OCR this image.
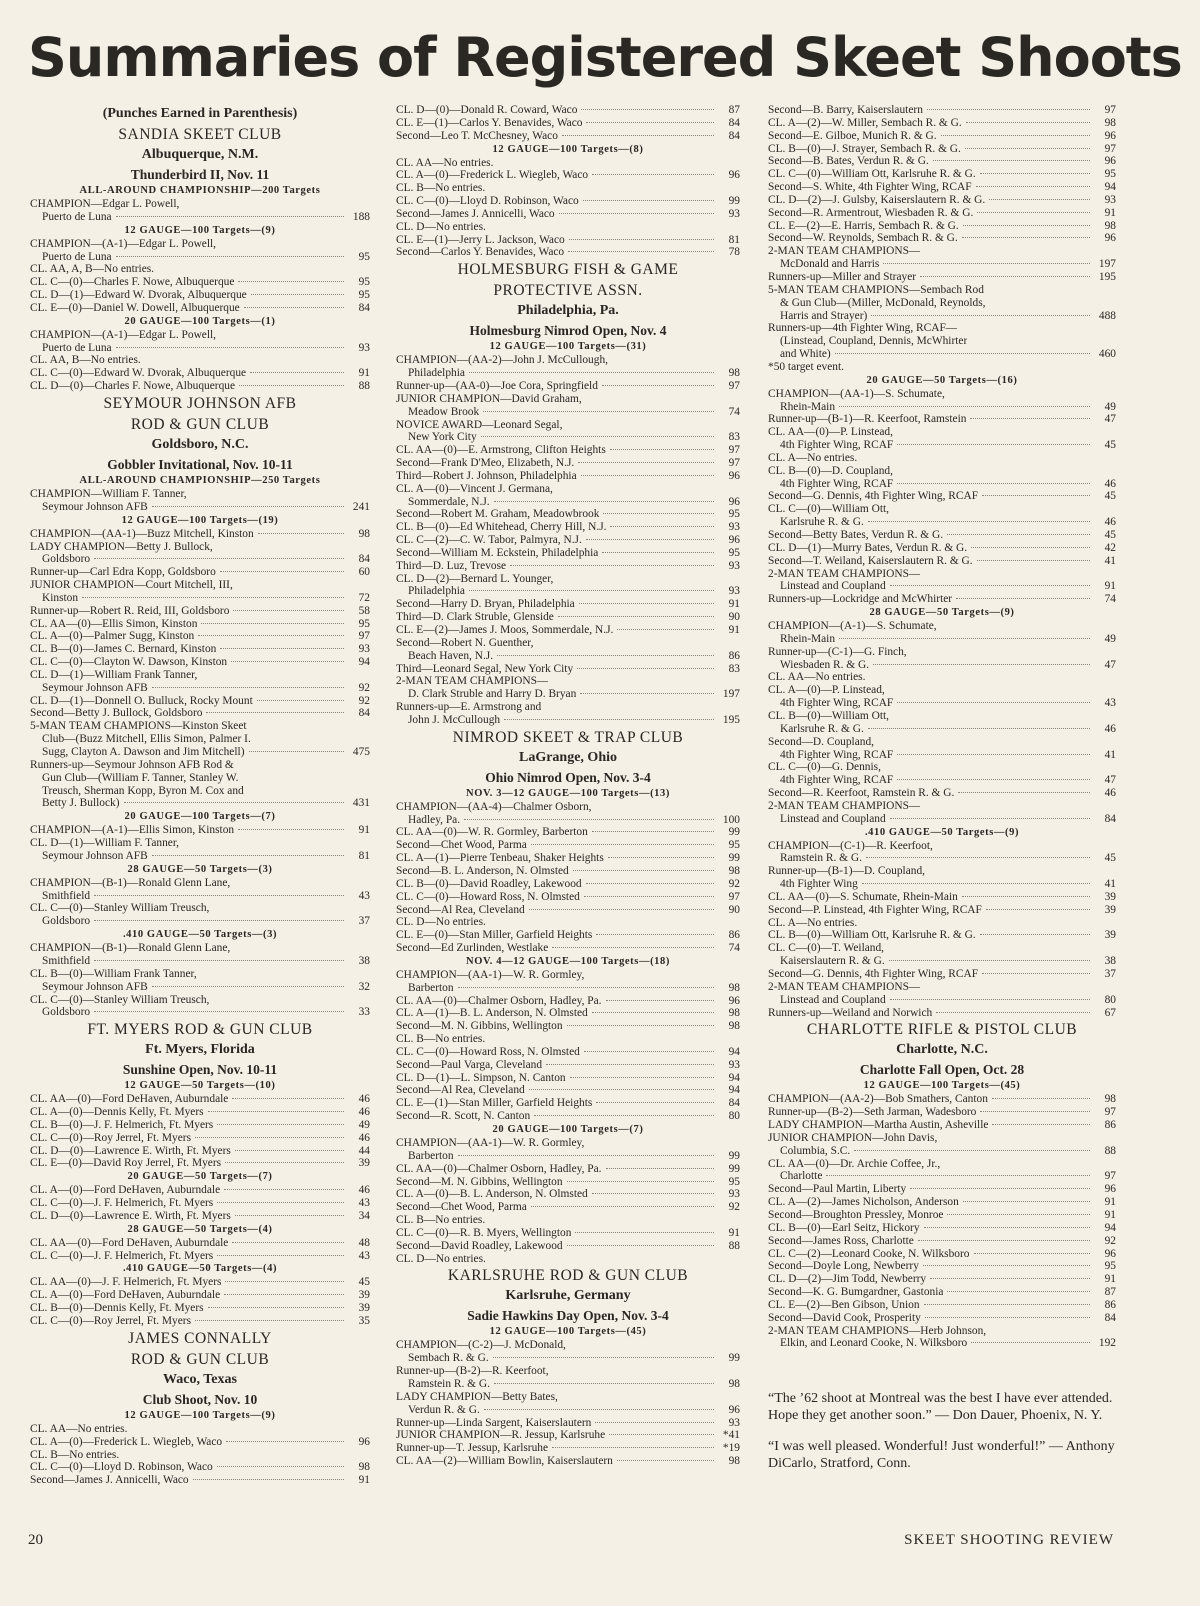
Summaries of Registered Skeet Shoots
(Punches Earned in Parenthesis)
SANDIA SKEET CLUB
Albuquerque, N.M.
Thunderbird II, Nov. 11
ALL-AROUND CHAMPIONSHIP—200 Targets
CHAMPION—Edgar L. Powell,
Puerto de Luna	188
12 GAUGE—100 Targets—(9)
CHAMPION—(A-1)—Edgar L. Powell,
Puerto de Luna	95
CL. AA, A, B—No entries.
CL. C—(0)—Charles F. Nowe, Albuquerque	95
CL. D—(1)—Edward W. Dvorak, Albuquerque	95
CL. E—(0)—Daniel W. Dowell, Albuquerque	84
20 GAUGE—100 Targets—(1)
CHAMPION—(A-1)—Edgar L. Powell,
Puerto de Luna	93
CL. AA, B—No entries.
CL. C—(0)—Edward W. Dvorak, Albuquerque	91
CL. D—(0)—Charles F. Nowe, Albuquerque	88
SEYMOUR JOHNSON AFB
ROD & GUN CLUB
Goldsboro, N.C.
Gobbler Invitational, Nov. 10-11
ALL-AROUND CHAMPIONSHIP—250 Targets
CHAMPION—William F. Tanner,
Seymour Johnson AFB	241
12 GAUGE—100 Targets—(19)
CHAMPION—(AA-1)—Buzz Mitchell, Kinston	98
LADY CHAMPION—Betty J. Bullock,
Goldsboro	84
Runner-up—Carl Edra Kopp, Goldsboro	60
JUNIOR CHAMPION—Court Mitchell, III,
Kinston	72
Runner-up—Robert R. Reid, III, Goldsboro	58
CL. AA—(0)—Ellis Simon, Kinston	95
CL. A—(0)—Palmer Sugg, Kinston	97
CL. B—(0)—James C. Bernard, Kinston	93
CL. C—(0)—Clayton W. Dawson, Kinston	94
CL. D—(1)—William Frank Tanner,
Seymour Johnson AFB	92
CL. D—(1)—Donnell O. Bulluck, Rocky Mount	92
Second—Betty J. Bullock, Goldsboro	84
5-MAN TEAM CHAMPIONS—Kinston Skeet
Club—(Buzz Mitchell, Ellis Simon, Palmer I.
Sugg, Clayton A. Dawson and Jim Mitchell)	475
Runners-up—Seymour Johnson AFB Rod &
Gun Club—(William F. Tanner, Stanley W.
Treusch, Sherman Kopp, Byron M. Cox and
Betty J. Bullock)	431
20 GAUGE—100 Targets—(7)
CHAMPION—(A-1)—Ellis Simon, Kinston	91
CL. D—(1)—William F. Tanner,
Seymour Johnson AFB	81
28 GAUGE—50 Targets—(3)
CHAMPION—(B-1)—Ronald Glenn Lane,
Smithfield	43
CL. C—(0)—Stanley William Treusch,
Goldsboro	37
.410 GAUGE—50 Targets—(3)
CHAMPION—(B-1)—Ronald Glenn Lane,
Smithfield	38
CL. B—(0)—William Frank Tanner,
Seymour Johnson AFB	32
CL. C—(0)—Stanley William Treusch,
Goldsboro	33
FT. MYERS ROD & GUN CLUB
Ft. Myers, Florida
Sunshine Open, Nov. 10-11
12 GAUGE—50 Targets—(10)
CL. AA—(0)—Ford DeHaven, Auburndale	46
CL. A—(0)—Dennis Kelly, Ft. Myers	46
CL. B—(0)—J. F. Helmerich, Ft. Myers	49
CL. C—(0)—Roy Jerrel, Ft. Myers	46
CL. D—(0)—Lawrence E. Wirth, Ft. Myers	44
CL. E—(0)—David Roy Jerrel, Ft. Myers	39
20 GAUGE—50 Targets—(7)
CL. A—(0)—Ford DeHaven, Auburndale	46
CL. C—(0)—J. F. Helmerich, Ft. Myers	43
CL. D—(0)—Lawrence E. Wirth, Ft. Myers	34
28 GAUGE—50 Targets—(4)
CL. AA—(0)—Ford DeHaven, Auburndale	48
CL. C—(0)—J. F. Helmerich, Ft. Myers	43
.410 GAUGE—50 Targets—(4)
CL. AA—(0)—J. F. Helmerich, Ft. Myers	45
CL. A—(0)—Ford DeHaven, Auburndale	39
CL. B—(0)—Dennis Kelly, Ft. Myers	39
CL. C—(0)—Roy Jerrel, Ft. Myers	35
JAMES CONNALLY
ROD & GUN CLUB
Waco, Texas
Club Shoot, Nov. 10
12 GAUGE—100 Targets—(9)
CL. AA—No entries.
CL. A—(0)—Frederick L. Wiegleb, Waco	96
CL. B—No entries.
CL. C—(0)—Lloyd D. Robinson, Waco	98
Second—James J. Annicelli, Waco	91
CL. D—(0)—Donald R. Coward, Waco	87
CL. E—(1)—Carlos Y. Benavides, Waco	84
Second—Leo T. McChesney, Waco	84
12 GAUGE—100 Targets—(8)
CL. AA—No entries.
CL. A—(0)—Frederick L. Wiegleb, Waco	96
CL. B—No entries.
CL. C—(0)—Lloyd D. Robinson, Waco	99
Second—James J. Annicelli, Waco	93
CL. D—No entries.
CL. E—(1)—Jerry L. Jackson, Waco	81
Second—Carlos Y. Benavides, Waco	78
HOLMESBURG FISH & GAME
PROTECTIVE ASSN.
Philadelphia, Pa.
Holmesburg Nimrod Open, Nov. 4
12 GAUGE—100 Targets—(31)
CHAMPION—(AA-2)—John J. McCullough,
Philadelphia	98
Runner-up—(AA-0)—Joe Cora, Springfield	97
JUNIOR CHAMPION—David Graham,
Meadow Brook	74
NOVICE AWARD—Leonard Segal,
New York City	83
CL. AA—(0)—E. Armstrong, Clifton Heights	97
Second—Frank D'Meo, Elizabeth, N.J.	97
Third—Robert J. Johnson, Philadelphia	96
CL. A—(0)—Vincent J. Germana,
Sommerdale, N.J.	96
Second—Robert M. Graham, Meadowbrook	95
CL. B—(0)—Ed Whitehead, Cherry Hill, N.J.	93
CL. C—(2)—C. W. Tabor, Palmyra, N.J.	96
Second—William M. Eckstein, Philadelphia	95
Third—D. Luz, Trevose	93
CL. D—(2)—Bernard L. Younger,
Philadelphia	93
Second—Harry D. Bryan, Philadelphia	91
Third—D. Clark Struble, Glenside	90
CL. E—(2)—James J. Moos, Sommerdale, N.J.	91
Second—Robert N. Guenther,
Beach Haven, N.J.	86
Third—Leonard Segal, New York City	83
2-MAN TEAM CHAMPIONS—
D. Clark Struble and Harry D. Bryan	197
Runners-up—E. Armstrong and
John J. McCullough	195
NIMROD SKEET & TRAP CLUB
LaGrange, Ohio
Ohio Nimrod Open, Nov. 3-4
NOV. 3—12 GAUGE—100 Targets—(13)
CHAMPION—(AA-4)—Chalmer Osborn,
Hadley, Pa.	100
CL. AA—(0)—W. R. Gormley, Barberton	99
Second—Chet Wood, Parma	95
CL. A—(1)—Pierre Tenbeau, Shaker Heights	99
Second—B. L. Anderson, N. Olmsted	98
CL. B—(0)—David Roadley, Lakewood	92
CL. C—(0)—Howard Ross, N. Olmsted	97
Second—Al Rea, Cleveland	90
CL. D—No entries.
CL. E—(0)—Stan Miller, Garfield Heights	86
Second—Ed Zurlinden, Westlake	74
NOV. 4—12 GAUGE—100 Targets—(18)
CHAMPION—(AA-1)—W. R. Gormley,
Barberton	98
CL. AA—(0)—Chalmer Osborn, Hadley, Pa.	96
CL. A—(1)—B. L. Anderson, N. Olmsted	98
Second—M. N. Gibbins, Wellington	98
CL. B—No entries.
CL. C—(0)—Howard Ross, N. Olmsted	94
Second—Paul Varga, Cleveland	93
CL. D—(1)—L. Simpson, N. Canton	94
Second—Al Rea, Cleveland	94
CL. E—(1)—Stan Miller, Garfield Heights	84
Second—R. Scott, N. Canton	80
20 GAUGE—100 Targets—(7)
CHAMPION—(AA-1)—W. R. Gormley,
Barberton	99
CL. AA—(0)—Chalmer Osborn, Hadley, Pa.	99
Second—M. N. Gibbins, Wellington	95
CL. A—(0)—B. L. Anderson, N. Olmsted	93
Second—Chet Wood, Parma	92
CL. B—No entries.
CL. C—(0)—R. B. Myers, Wellington	91
Second—David Roadley, Lakewood	88
CL. D—No entries.
KARLSRUHE ROD & GUN CLUB
Karlsruhe, Germany
Sadie Hawkins Day Open, Nov. 3-4
12 GAUGE—100 Targets—(45)
CHAMPION—(C-2)—J. McDonald,
Sembach R. & G.	99
Runner-up—(B-2)—R. Keerfoot,
Ramstein R. & G.	98
LADY CHAMPION—Betty Bates,
Verdun R. & G.	96
Runner-up—Linda Sargent, Kaiserslautern	93
JUNIOR CHAMPION—R. Jessup, Karlsruhe	*41
Runner-up—T. Jessup, Karlsruhe	*19
CL. AA—(2)—William Bowlin, Kaiserslautern	98
Second—B. Barry, Kaiserslautern	97
CL. A—(2)—W. Miller, Sembach R. & G.	98
Second—E. Gilboe, Munich R. & G.	96
CL. B—(0)—J. Strayer, Sembach R. & G.	97
Second—B. Bates, Verdun R. & G.	96
CL. C—(0)—William Ott, Karlsruhe R. & G.	95
Second—S. White, 4th Fighter Wing, RCAF	94
CL. D—(2)—J. Gulsby, Kaiserslautern R. & G.	93
Second—R. Armentrout, Wiesbaden R. & G.	91
CL. E—(2)—E. Harris, Sembach R. & G.	98
Second—W. Reynolds, Sembach R. & G.	96
2-MAN TEAM CHAMPIONS—
McDonald and Harris	197
Runners-up—Miller and Strayer	195
5-MAN TEAM CHAMPIONS—Sembach Rod
& Gun Club—(Miller, McDonald, Reynolds,
Harris and Strayer)	488
Runners-up—4th Fighter Wing, RCAF—
(Linstead, Coupland, Dennis, McWhirter
and White)	460
*50 target event.
20 GAUGE—50 Targets—(16)
CHAMPION—(AA-1)—S. Schumate,
Rhein-Main	49
Runner-up—(B-1)—R. Keerfoot, Ramstein	47
CL. AA—(0)—P. Linstead,
4th Fighter Wing, RCAF	45
CL. A—No entries.
CL. B—(0)—D. Coupland,
4th Fighter Wing, RCAF	46
Second—G. Dennis, 4th Fighter Wing, RCAF	45
CL. C—(0)—William Ott,
Karlsruhe R. & G.	46
Second—Betty Bates, Verdun R. & G.	45
CL. D—(1)—Murry Bates, Verdun R. & G.	42
Second—T. Weiland, Kaiserslautern R. & G.	41
2-MAN TEAM CHAMPIONS—
Linstead and Coupland	91
Runners-up—Lockridge and McWhirter	74
28 GAUGE—50 Targets—(9)
CHAMPION—(A-1)—S. Schumate,
Rhein-Main	49
Runner-up—(C-1)—G. Finch,
Wiesbaden R. & G.	47
CL. AA—No entries.
CL. A—(0)—P. Linstead,
4th Fighter Wing, RCAF	43
CL. B—(0)—William Ott,
Karlsruhe R. & G.	46
Second—D. Coupland,
4th Fighter Wing, RCAF	41
CL. C—(0)—G. Dennis,
4th Fighter Wing, RCAF	47
Second—R. Keerfoot, Ramstein R. & G.	46
2-MAN TEAM CHAMPIONS—
Linstead and Coupland	84
.410 GAUGE—50 Targets—(9)
CHAMPION—(C-1)—R. Keerfoot,
Ramstein R. & G.	45
Runner-up—(B-1)—D. Coupland,
4th Fighter Wing	41
CL. AA—(0)—S. Schumate, Rhein-Main	39
Second—P. Linstead, 4th Fighter Wing, RCAF	39
CL. A—No entries.
CL. B—(0)—William Ott, Karlsruhe R. & G.	39
CL. C—(0)—T. Weiland,
Kaiserslautern R. & G.	38
Second—G. Dennis, 4th Fighter Wing, RCAF	37
2-MAN TEAM CHAMPIONS—
Linstead and Coupland	80
Runners-up—Weiland and Norwich	67
CHARLOTTE RIFLE & PISTOL CLUB
Charlotte, N.C.
Charlotte Fall Open, Oct. 28
12 GAUGE—100 Targets—(45)
CHAMPION—(AA-2)—Bob Smathers, Canton	98
Runner-up—(B-2)—Seth Jarman, Wadesboro	97
LADY CHAMPION—Martha Austin, Asheville	86
JUNIOR CHAMPION—John Davis,
Columbia, S.C.	88
CL. AA—(0)—Dr. Archie Coffee, Jr.,
Charlotte	97
Second—Paul Martin, Liberty	96
CL. A—(2)—James Nicholson, Anderson	91
Second—Broughton Pressley, Monroe	91
CL. B—(0)—Earl Seitz, Hickory	94
Second—James Ross, Charlotte	92
CL. C—(2)—Leonard Cooke, N. Wilksboro	96
Second—Doyle Long, Newberry	95
CL. D—(2)—Jim Todd, Newberry	91
Second—K. G. Bumgardner, Gastonia	87
CL. E—(2)—Ben Gibson, Union	86
Second—David Cook, Prosperity	84
2-MAN TEAM CHAMPIONS—Herb Johnson,
Elkin, and Leonard Cooke, N. Wilksboro	192

“The ’62 shoot at Montreal was the best I have ever attended. Hope they get another soon.” — Don Dauer, Phoenix, N. Y.

“I was well pleased. Wonderful! Just wonderful!” — Anthony DiCarlo, Stratford, Conn.

20	SKEET SHOOTING REVIEW
